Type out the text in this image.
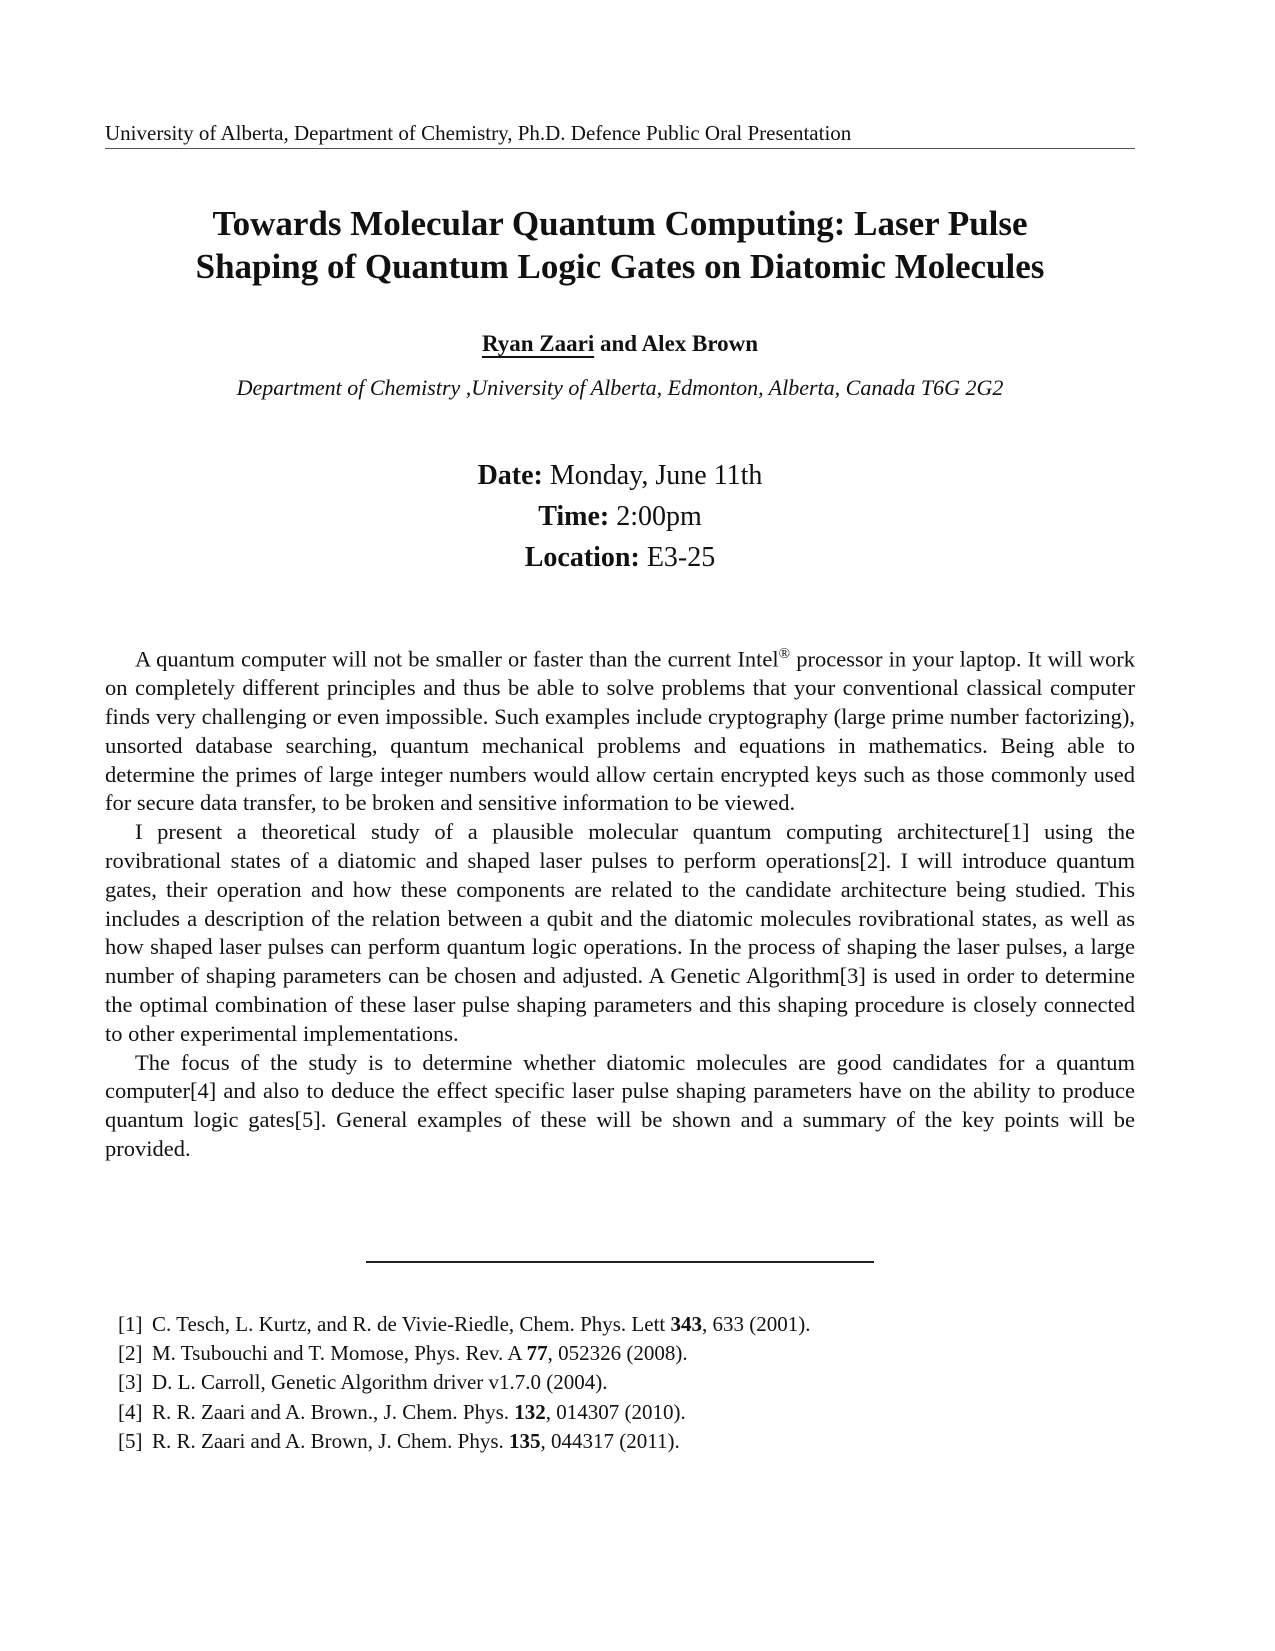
University of Alberta, Department of Chemistry, Ph.D. Defence Public Oral Presentation
Towards Molecular Quantum Computing: Laser Pulse
Shaping of Quantum Logic Gates on Diatomic Molecules
Ryan Zaari and Alex Brown
Department of Chemistry ,University of Alberta, Edmonton, Alberta, Canada T6G 2G2
Date: Monday, June 11th
Time: 2:00pm
Location: E3-25

A quantum computer will not be smaller or faster than the current Intel® processor in your laptop. It will work on completely different principles and thus be able to solve problems that your conventional classical computer finds very challenging or even impossible. Such examples include cryptography (large prime number factorizing), unsorted database searching, quantum mechanical problems and equations in mathematics. Being able to determine the primes of large integer numbers would allow certain encrypted keys such as those commonly used for secure data transfer, to be broken and sensitive information to be viewed.

I present a theoretical study of a plausible molecular quantum computing architecture[1] using the rovibrational states of a diatomic and shaped laser pulses to perform operations[2]. I will introduce quantum gates, their operation and how these components are related to the candidate architecture being studied. This includes a description of the relation between a qubit and the diatomic molecules rovibrational states, as well as how shaped laser pulses can perform quantum logic operations. In the process of shaping the laser pulses, a large number of shaping parameters can be chosen and adjusted. A Genetic Algorithm[3] is used in order to determine the optimal combination of these laser pulse shaping parameters and this shaping procedure is closely connected to other experimental implementations.

The focus of the study is to determine whether diatomic molecules are good candidates for a quantum computer[4] and also to deduce the effect specific laser pulse shaping parameters have on the ability to produce quantum logic gates[5]. General examples of these will be shown and a summary of the key points will be provided.

[1] C. Tesch, L. Kurtz, and R. de Vivie-Riedle, Chem. Phys. Lett 343, 633 (2001).
[2] M. Tsubouchi and T. Momose, Phys. Rev. A 77, 052326 (2008).
[3] D. L. Carroll, Genetic Algorithm driver v1.7.0 (2004).
[4] R. R. Zaari and A. Brown., J. Chem. Phys. 132, 014307 (2010).
[5] R. R. Zaari and A. Brown, J. Chem. Phys. 135, 044317 (2011).
